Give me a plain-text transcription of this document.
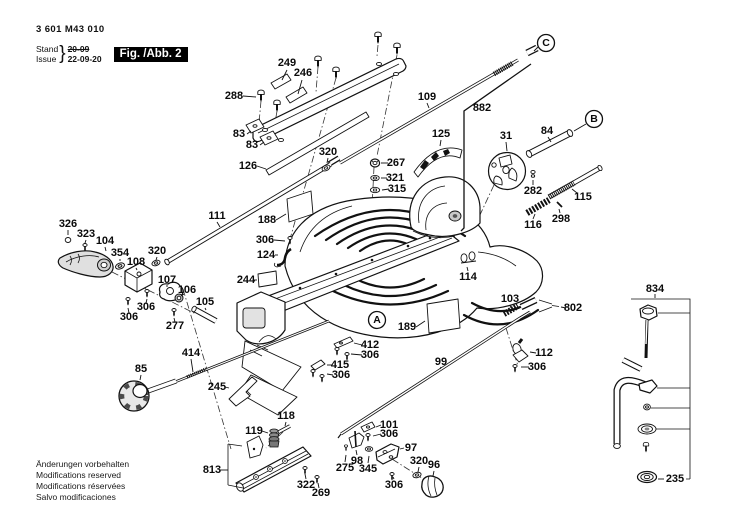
249
246
288
83
83
126
320
109
882
125	31	84
267
321
315	282	115
298
116
326
323
104
354
108
320
111
107
106
105
306
306
277
188
306
124
244	114
189
412
306
415
306
99
103
802
112
306
118
119
97
320 96
98
275 345
306
101
306
322
269
813
85
414
245
834
235
A
B
C
3 601 M43 010
Stand
Issue } 20-09
22-09-20	Fig. /Abb. 2
Änderungen vorbehalten
Modifications reserved
Modifications réservées
Salvo modificaciones
